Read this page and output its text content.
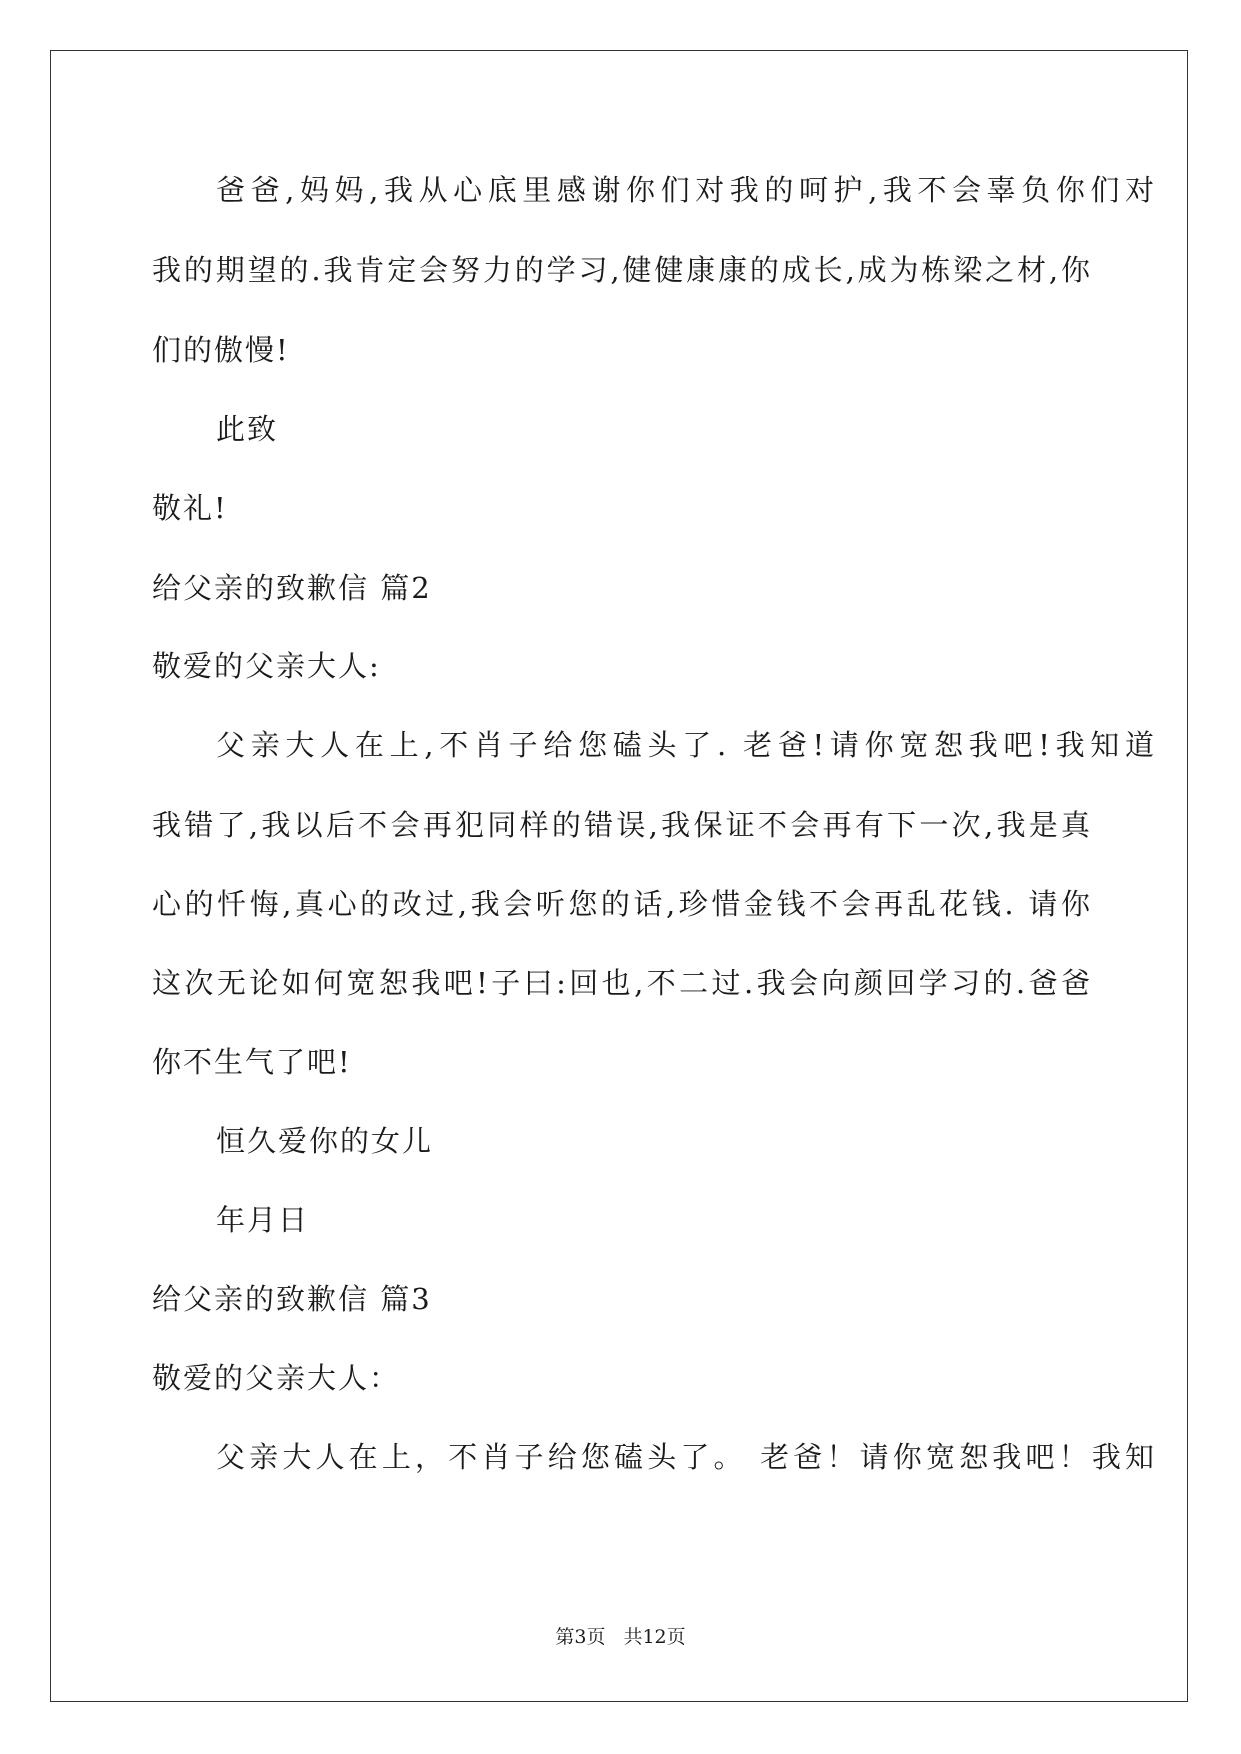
爸爸,妈妈,我从心底里感谢你们对我的呵护,我不会辜负你们对
我的期望的.我肯定会努力的学习,健健康康的成长,成为栋梁之材,你
们的傲慢!
此致
敬礼!
给父亲的致歉信 篇2
敬爱的父亲大人:
父亲大人在上,不肖子给您磕头了. 老爸!请你宽恕我吧!我知道
我错了,我以后不会再犯同样的错误,我保证不会再有下一次,我是真
心的忏悔,真心的改过,我会听您的话,珍惜金钱不会再乱花钱. 请你
这次无论如何宽恕我吧!子曰:回也,不二过.我会向颜回学习的.爸爸
你不生气了吧!
恒久爱你的女儿
年月日
给父亲的致歉信 篇3
敬爱的父亲大人：
父亲大人在上，不肖子给您磕头了。 老爸！请你宽恕我吧！我知
第3页 共12页
